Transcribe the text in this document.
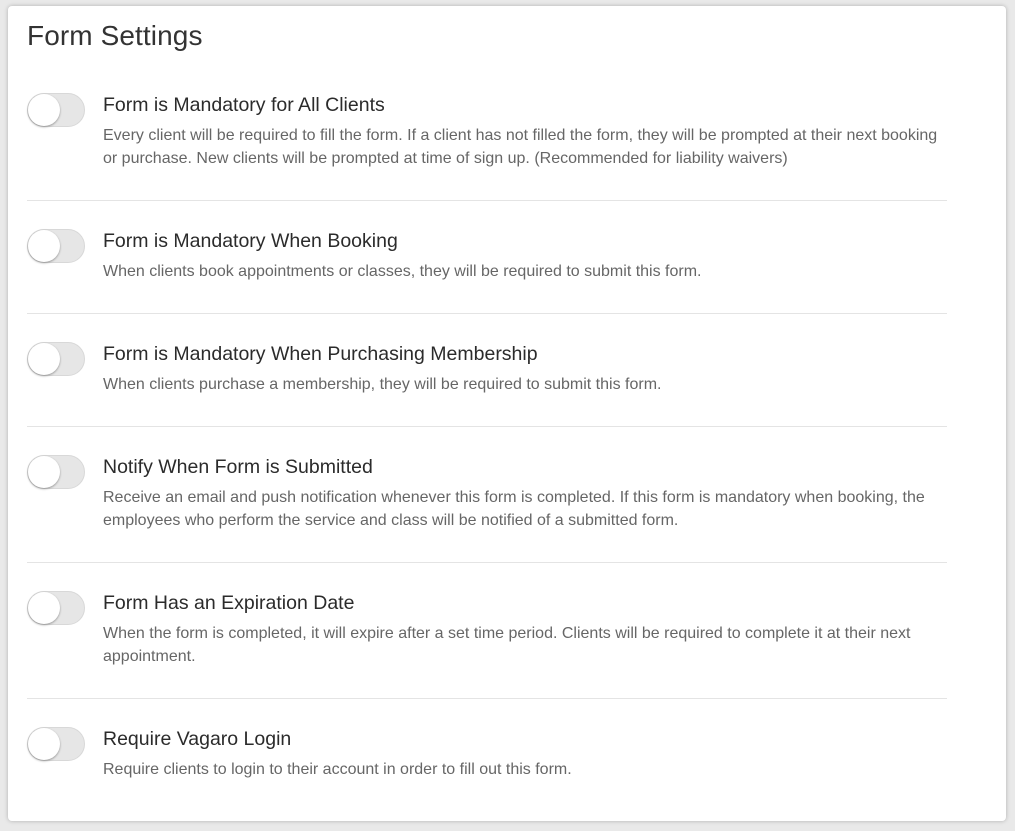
Form Settings
Form is Mandatory for All Clients
Every client will be required to fill the form. If a client has not filled the form, they will be prompted at their next booking or purchase. New clients will be prompted at time of sign up. (Recommended for liability waivers)
Form is Mandatory When Booking
When clients book appointments or classes, they will be required to submit this form.
Form is Mandatory When Purchasing Membership
When clients purchase a membership, they will be required to submit this form.
Notify When Form is Submitted
Receive an email and push notification whenever this form is completed. If this form is mandatory when booking, the employees who perform the service and class will be notified of a submitted form.
Form Has an Expiration Date
When the form is completed, it will expire after a set time period. Clients will be required to complete it at their next appointment.
Require Vagaro Login
Require clients to login to their account in order to fill out this form.
